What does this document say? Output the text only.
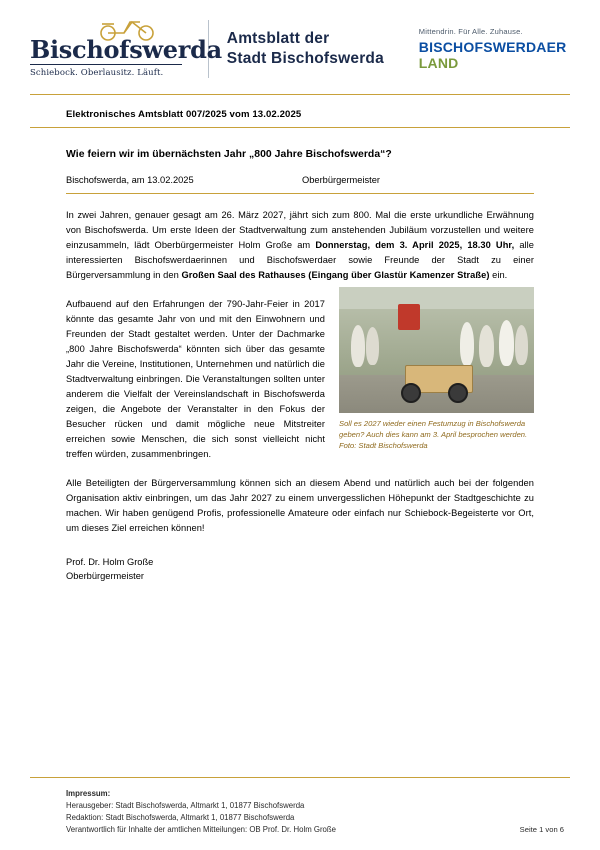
Bischofswerda
Schiebock. Oberlausitz. Läuft.
Amtsblatt der
Stadt Bischofswerda
Mittendrin. Für Alle. Zuhause.
BISCHOFSWERDAER LAND
Elektronisches Amtsblatt 007/2025 vom 13.02.2025
Wie feiern wir im übernächsten Jahr „800 Jahre Bischofswerda“?
Bischofswerda, am 13.02.2025	Oberbürgermeister
In zwei Jahren, genauer gesagt am 26. März 2027, jährt sich zum 800. Mal die erste urkundliche Erwähnung von Bischofswerda. Um erste Ideen der Stadtverwaltung zum anstehenden Jubiläum vorzustellen und weitere einzusammeln, lädt Oberbürgermeister Holm Große am Donnerstag, dem 3. April 2025, 18.30 Uhr, alle interessierten Bischofswerdaerinnen und Bischofswerdaer sowie Freunde der Stadt zu einer Bürgerversammlung in den Großen Saal des Rathauses (Eingang über Glastür Kamenzer Straße) ein.
Soll es 2027 wieder einen Festumzug in Bischofswerda geben? Auch dies kann am 3. April besprochen werden. Foto: Stadt Bischofswerda
Aufbauend auf den Erfahrungen der 790-Jahr-Feier in 2017 könnte das gesamte Jahr von und mit den Einwohnern und Freunden der Stadt gestaltet werden. Unter der Dachmarke „800 Jahre Bischofswerda“ könnten sich über das gesamte Jahr die Vereine, Institutionen, Unternehmen und natürlich die Stadtverwaltung einbringen. Die Veranstaltungen sollten unter anderem die Vielfalt der Vereinslandschaft in Bischofswerda zeigen, die Angebote der Veranstalter in den Fokus der Besucher rücken und damit mögliche neue Mitstreiter erreichen sowie Menschen, die sich sonst vielleicht nicht treffen würden, zusammenbringen.
Alle Beteiligten der Bürgerversammlung können sich an diesem Abend und natürlich auch bei der folgenden Organisation aktiv einbringen, um das Jahr 2027 zu einem unvergesslichen Höhepunkt der Stadtgeschichte zu machen. Wir haben genügend Profis, professionelle Amateure oder einfach nur Schiebock-Begeisterte vor Ort, um dieses Ziel erreichen können!
Prof. Dr. Holm Große
Oberbürgermeister
Impressum:
Herausgeber: Stadt Bischofswerda, Altmarkt 1, 01877 Bischofswerda
Redaktion: Stadt Bischofswerda, Altmarkt 1, 01877 Bischofswerda
Verantwortlich für Inhalte der amtlichen Mitteilungen: OB Prof. Dr. Holm Große	Seite 1 von 6
